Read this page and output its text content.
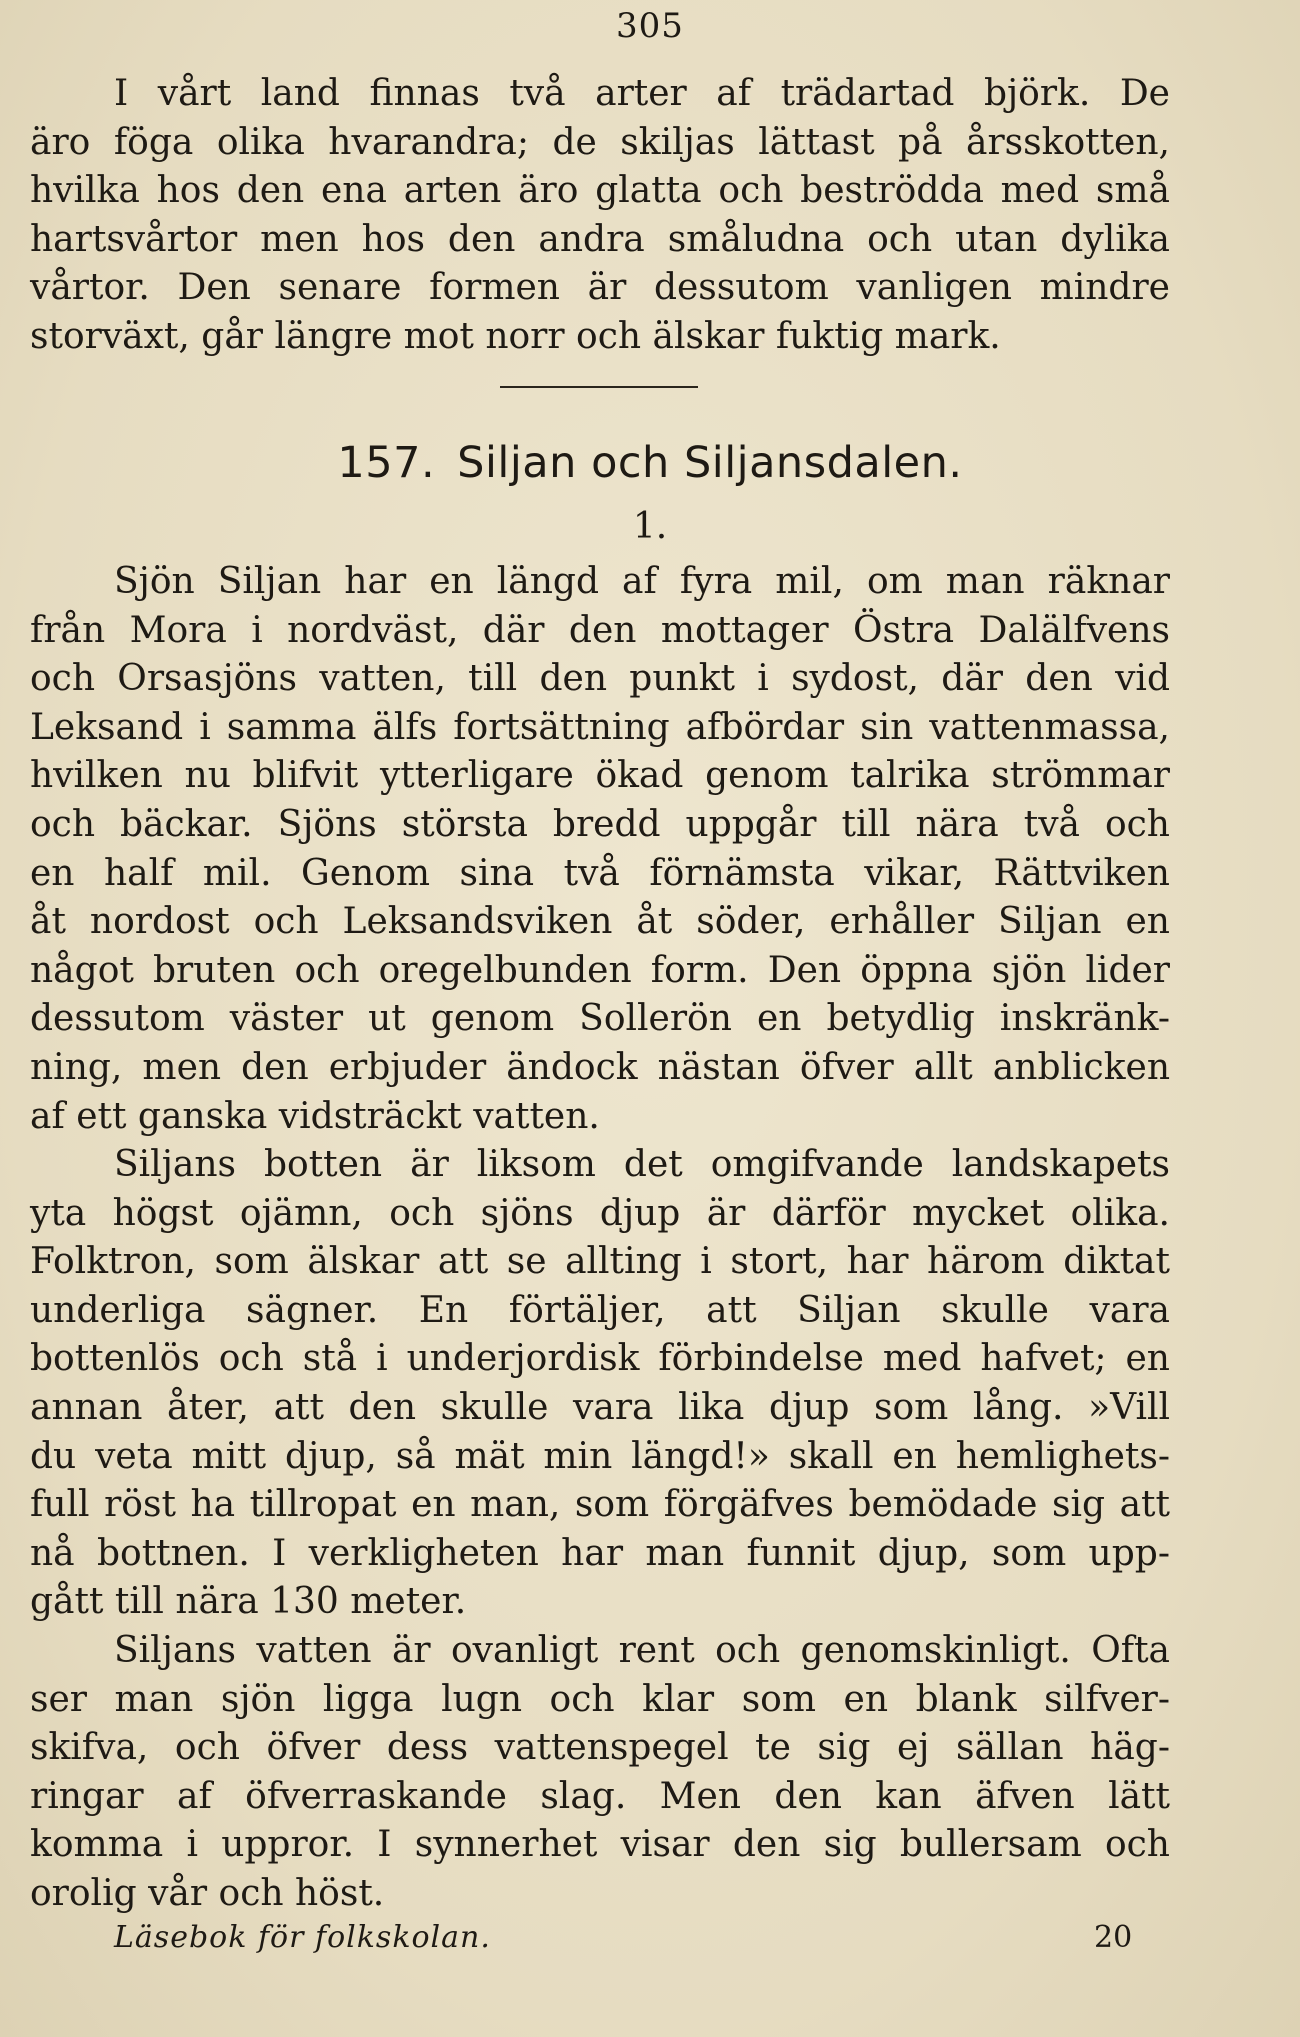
305
I vårt land finnas två arter af trädartad björk. De
äro föga olika hvarandra; de skiljas lättast på årsskotten,
hvilka hos den ena arten äro glatta och beströdda med små
hartsvårtor men hos den andra småludna och utan dylika
vårtor. Den senare formen är dessutom vanligen mindre
storväxt, går längre mot norr och älskar fuktig mark.
157. Siljan och Siljansdalen.
1.
Sjön Siljan har en längd af fyra mil, om man räknar
från Mora i nordväst, där den mottager Östra Dalälfvens
och Orsasjöns vatten, till den punkt i sydost, där den vid
Leksand i samma älfs fortsättning afbördar sin vattenmassa,
hvilken nu blifvit ytterligare ökad genom talrika strömmar
och bäckar. Sjöns största bredd uppgår till nära två och
en half mil. Genom sina två förnämsta vikar, Rättviken
åt nordost och Leksandsviken åt söder, erhåller Siljan en
något bruten och oregelbunden form. Den öppna sjön lider
dessutom väster ut genom Sollerön en betydlig inskränk-
ning, men den erbjuder ändock nästan öfver allt anblicken
af ett ganska vidsträckt vatten.
Siljans botten är liksom det omgifvande landskapets
yta högst ojämn, och sjöns djup är därför mycket olika.
Folktron, som älskar att se allting i stort, har härom diktat
underliga sägner. En förtäljer, att Siljan skulle vara
bottenlös och stå i underjordisk förbindelse med hafvet; en
annan åter, att den skulle vara lika djup som lång. »Vill
du veta mitt djup, så mät min längd!» skall en hemlighets-
full röst ha tillropat en man, som förgäfves bemödade sig att
nå bottnen. I verkligheten har man funnit djup, som upp-
gått till nära 130 meter.
Siljans vatten är ovanligt rent och genomskinligt. Ofta
ser man sjön ligga lugn och klar som en blank silfver-
skifva, och öfver dess vattenspegel te sig ej sällan häg-
ringar af öfverraskande slag. Men den kan äfven lätt
komma i uppror. I synnerhet visar den sig bullersam och
orolig vår och höst.
Läsebok för folkskolan.	20
